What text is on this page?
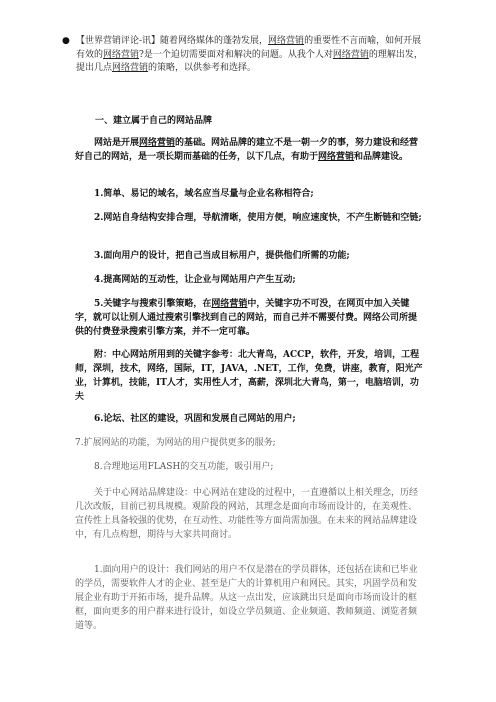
● 【世界营销评论-讯】随着网络媒体的蓬勃发展，网络营销的重要性不言而喻，如何开展有效的网络营销?是一个迫切需要面对和解决的问题。从我个人对网络营销的理解出发，提出几点网络营销的策略，以供参考和选择。
一、建立属于自己的网站品牌
网站是开展网络营销的基础。网站品牌的建立不是一朝一夕的事，努力建设和经营好自己的网站，是一项长期而基础的任务，以下几点，有助于网络营销和品牌建设。
1.简单、易记的域名，域名应当尽量与企业名称相符合;
2.网站自身结构安排合理，导航清晰，使用方便，响应速度快，不产生断链和空链;
3.面向用户的设计，把自己当成目标用户，提供他们所需的功能;
4.提高网站的互动性，让企业与网站用户产生互动;
5.关键字与搜索引擎策略，在网络营销中，关键字功不可没，在网页中加入关键字，就可以让别人通过搜索引擎找到自己的网站，而自己并不需要付费。网络公司所提供的付费登录搜索引擎方案，并不一定可靠。
附：中心网站所用到的关键字参考：北大青鸟，ACCP，软件，开发，培训，工程师，深圳，技术，网络，国际，IT，JAVA，.NET，工作，免费，讲座，教育，阳光产业，计算机，技能，IT人才，实用性人才，高薪，深圳北大青鸟，第一，电脑培训，功夫
6.论坛、社区的建设，巩固和发展自己网站的用户;
7.扩展网站的功能，为网站的用户提供更多的服务;
8.合理地运用FLASH的交互功能，吸引用户;
关于中心网站品牌建设：中心网站在建设的过程中，一直遵循以上相关理念，历经几次改版，目前已初具规模。观阶段的网站，其理念是面向市场而设计的，在美观性、宣传性上具备较强的优势，在互动性、功能性等方面尚需加强。在未来的网站品牌建设中，有几点构想，期待与大家共同商讨。
1.面向用户的设计：我们网站的用户不仅是潜在的学员群体，还包括在读和已毕业的学员，需要软件人才的企业、甚至是广大的计算机用户和网民。其实，巩固学员和发展企业有助于开拓市场，提升品牌。从这一点出发，应该跳出只是面向市场而设计的框框，面向更多的用户群来进行设计，如设立学员频道、企业频道、教师频道、浏览者频道等。
